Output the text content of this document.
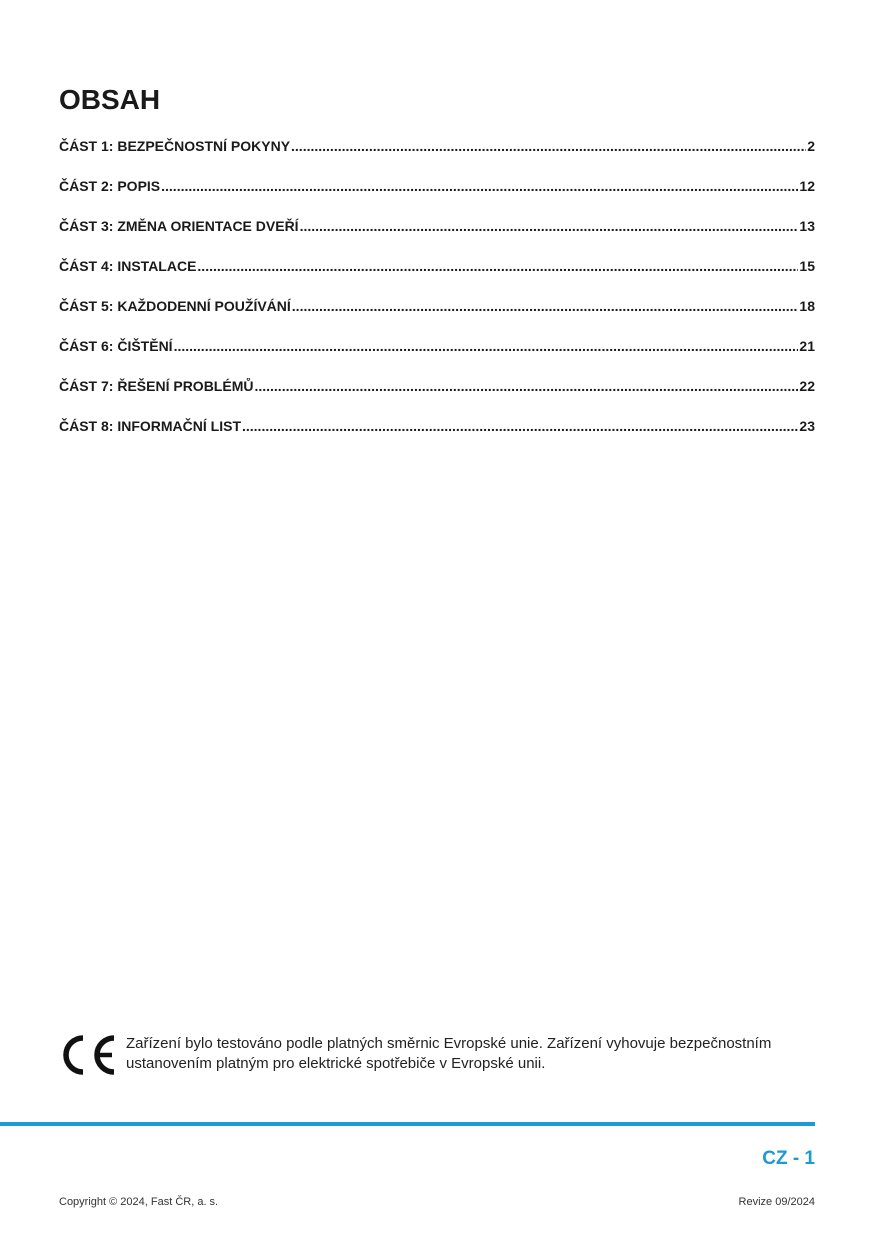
OBSAH
ČÁST 1: BEZPEČNOSTNÍ POKYNY .....	2
ČÁST 2: POPIS .....	12
ČÁST 3: ZMĚNA ORIENTACE DVEŘÍ .....	13
ČÁST 4: INSTALACE .....	15
ČÁST 5: KAŽDODENNÍ POUŽÍVÁNÍ .....	18
ČÁST 6: ČIŠTĚNÍ .....	21
ČÁST 7: ŘEŠENÍ PROBLÉMŮ .....	22
ČÁST 8: INFORMAČNÍ LIST .....	23

Zařízení bylo testováno podle platných směrnic Evropské unie. Zařízení vyhovuje bezpečnostním ustanovením platným pro elektrické spotřebiče v Evropské unii.

CZ - 1
Copyright © 2024, Fast ČR, a. s.	Revize 09/2024
